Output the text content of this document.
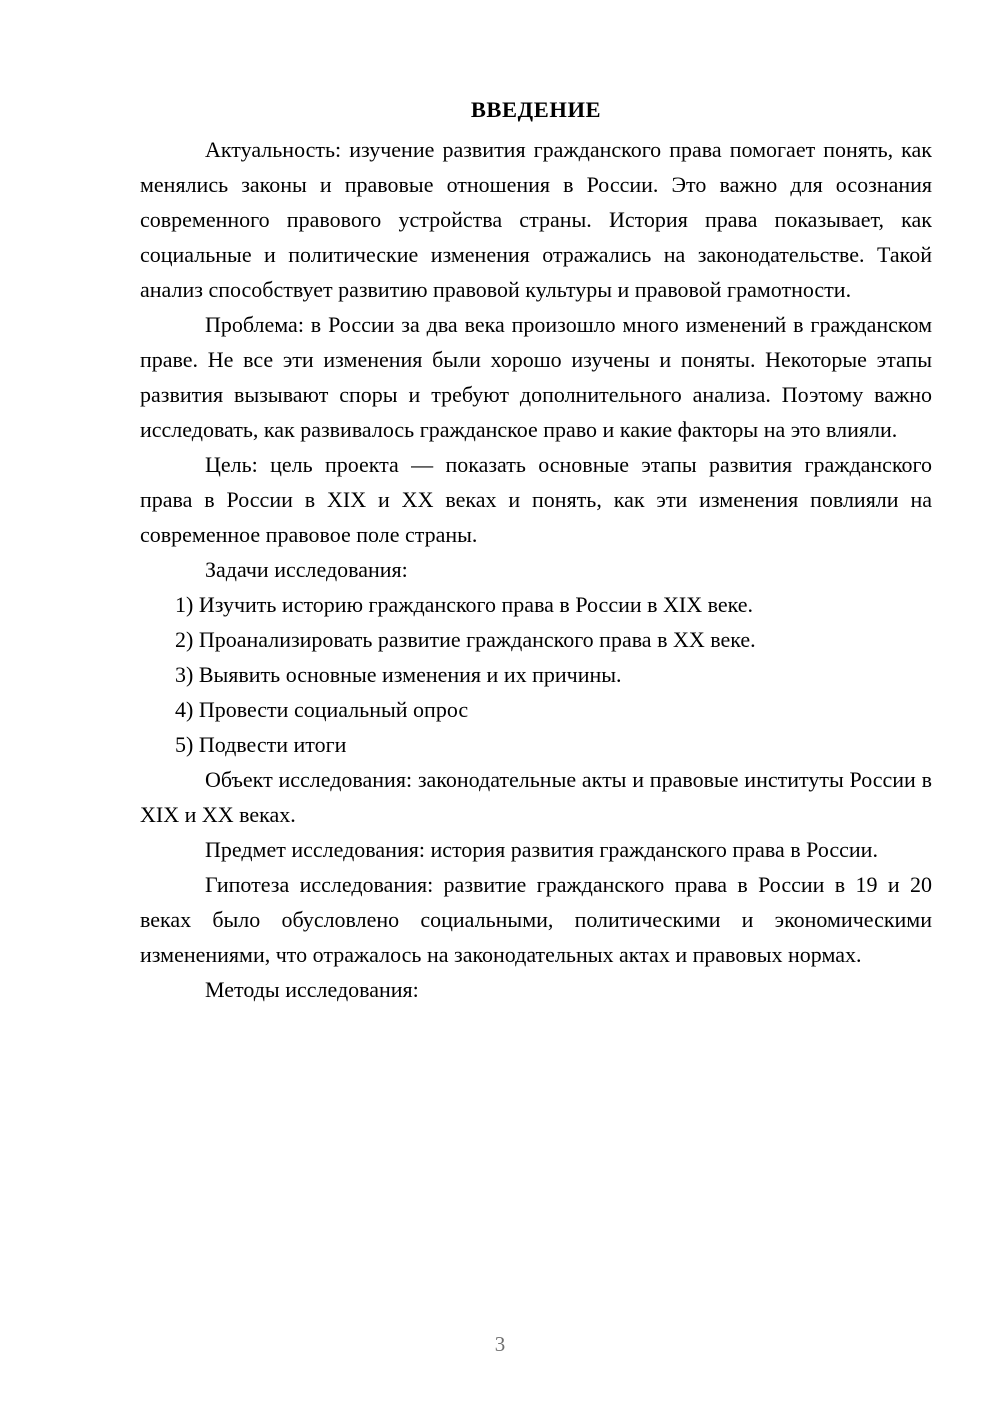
ВВЕДЕНИЕ

Актуальность: изучение развития гражданского права помогает понять, как менялись законы и правовые отношения в России. Это важно для осознания современного правового устройства страны. История права показывает, как социальные и политические изменения отражались на законодательстве. Такой анализ способствует развитию правовой культуры и правовой грамотности.

Проблема: в России за два века произошло много изменений в гражданском праве. Не все эти изменения были хорошо изучены и поняты. Некоторые этапы развития вызывают споры и требуют дополнительного анализа. Поэтому важно исследовать, как развивалось гражданское право и какие факторы на это влияли.

Цель: цель проекта — показать основные этапы развития гражданского права в России в XIX и XX веках и понять, как эти изменения повлияли на современное правовое поле страны.

Задачи исследования:

1) Изучить историю гражданского права в России в XIX веке.
2) Проанализировать развитие гражданского права в XX веке.
3) Выявить основные изменения и их причины.
4) Провести социальный опрос
5) Подвести итоги

Объект исследования: законодательные акты и правовые институты России в XIX и XX веках.

Предмет исследования: история развития гражданского права в России.

Гипотеза исследования: развитие гражданского права в России в 19 и 20 веках было обусловлено социальными, политическими и экономическими изменениями, что отражалось на законодательных актах и правовых нормах.

Методы исследования:

3
